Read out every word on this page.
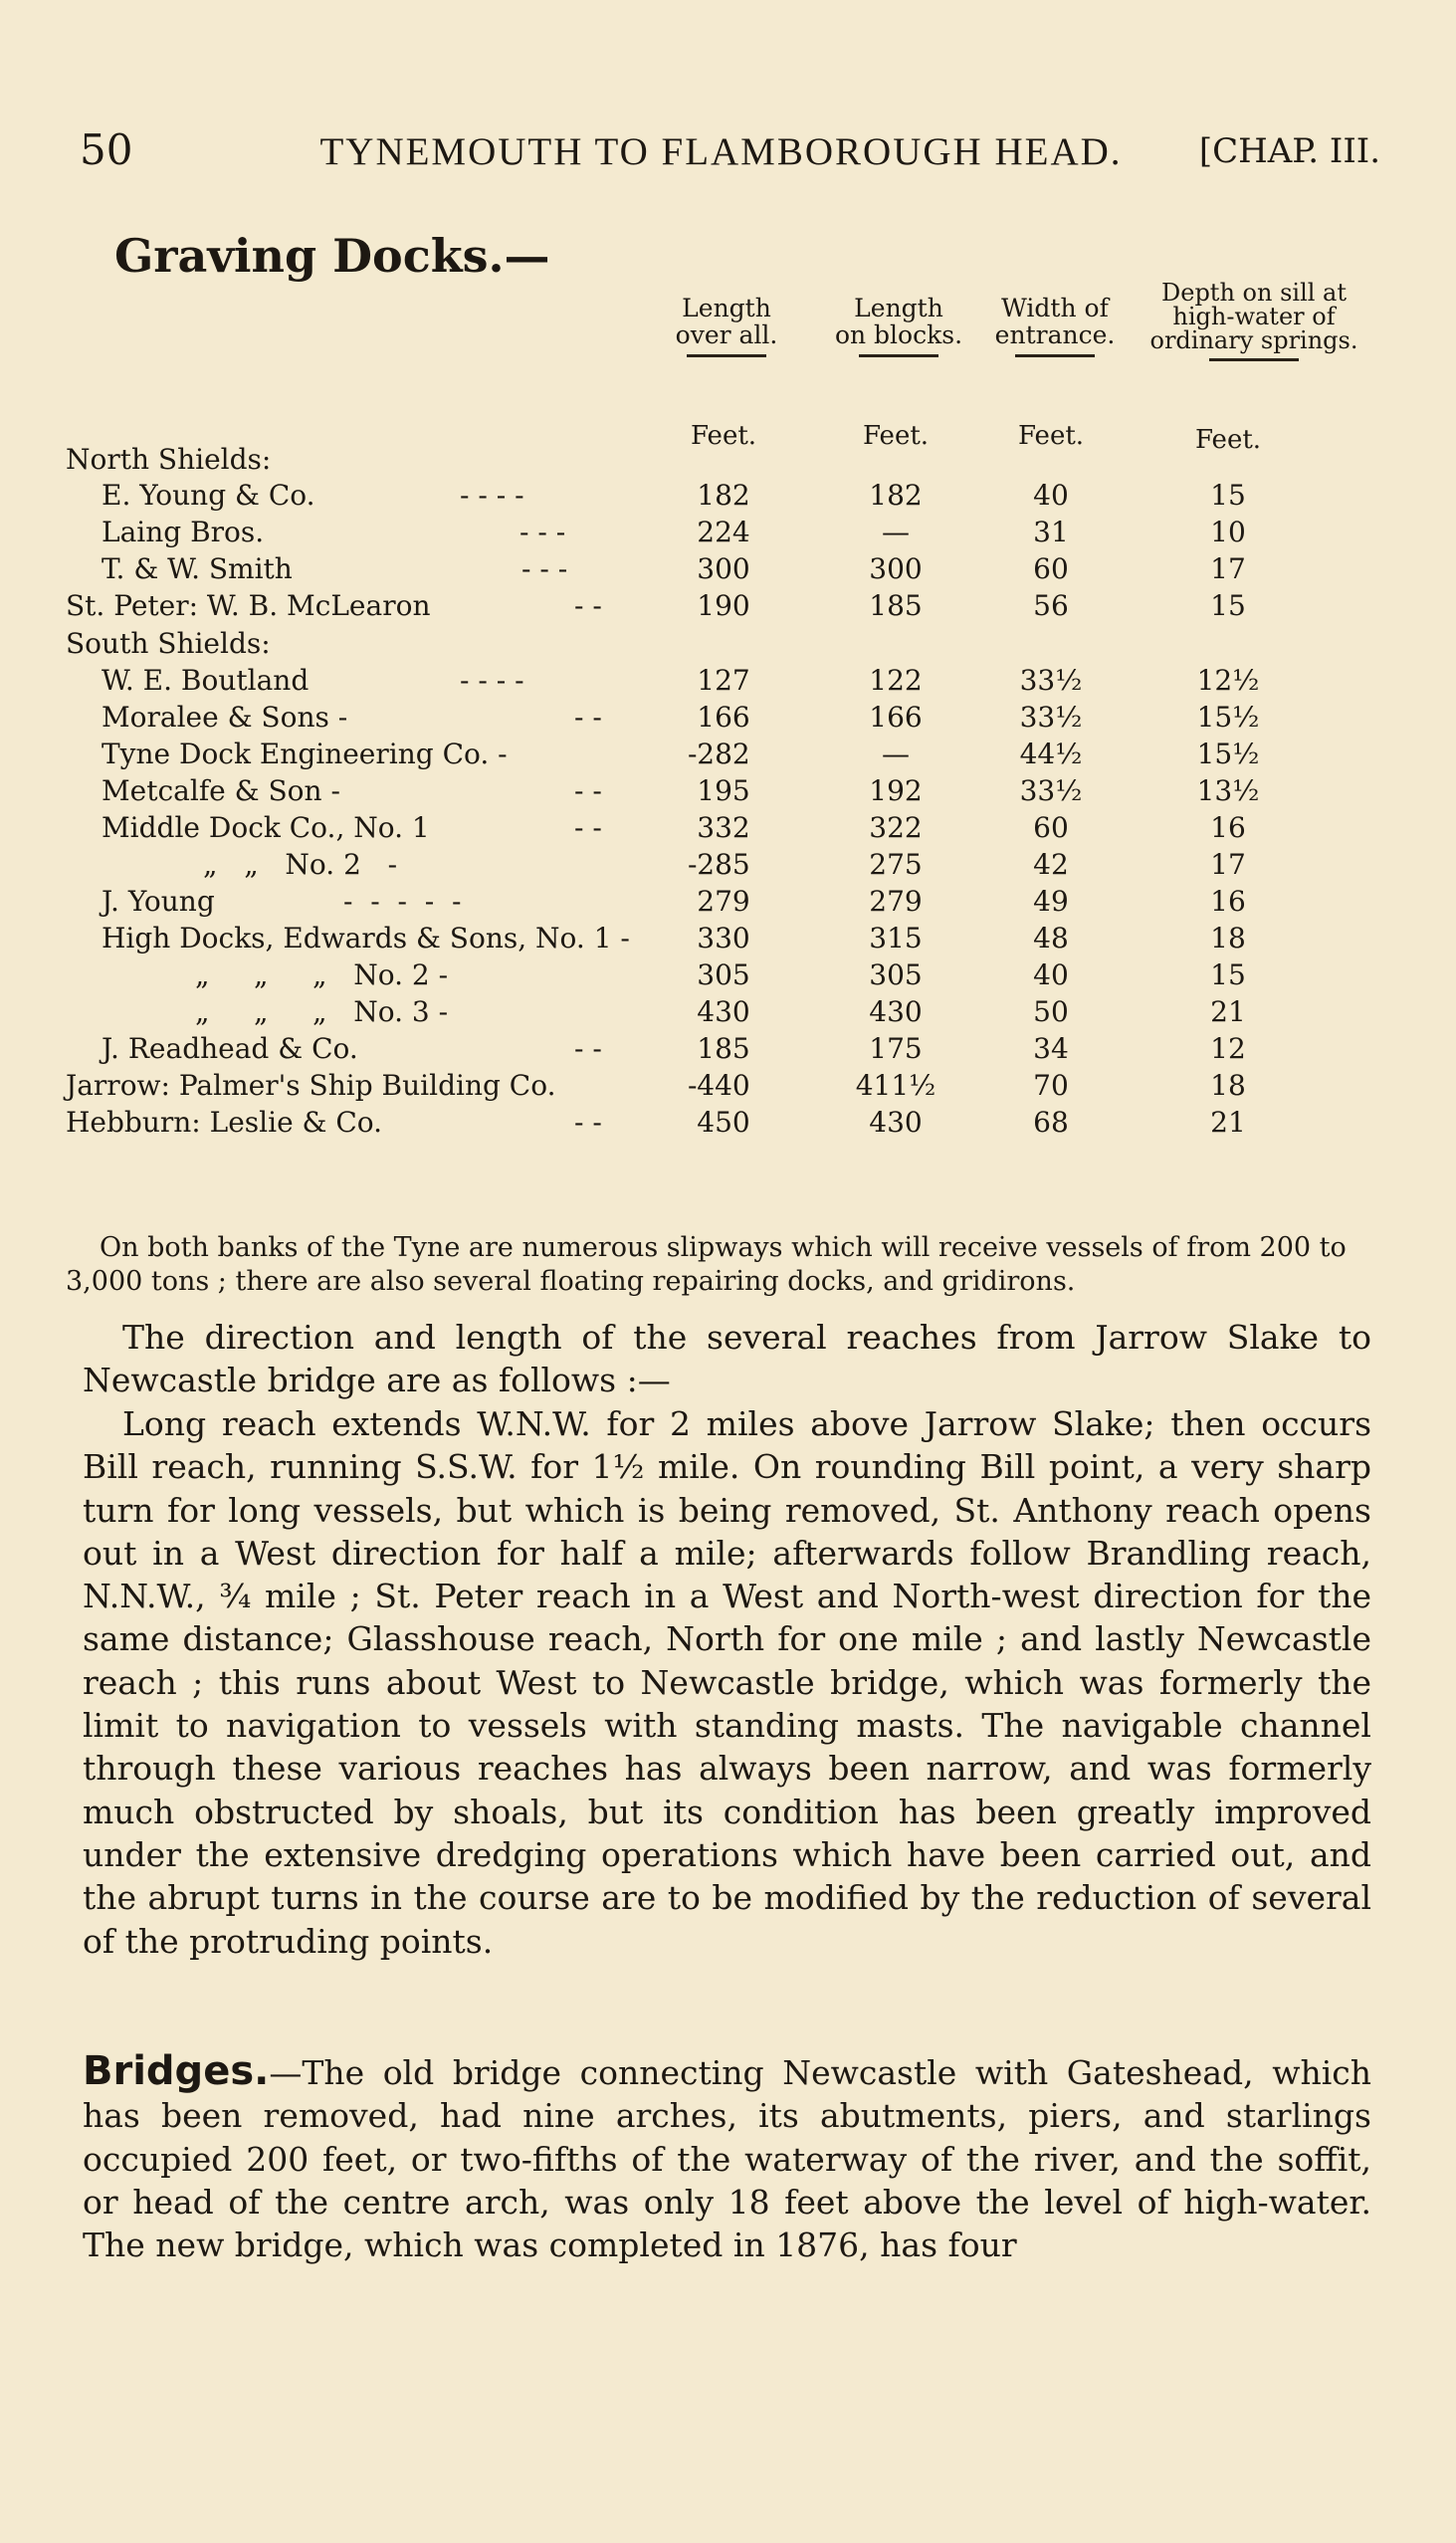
50	TYNEMOUTH TO FLAMBOROUGH HEAD.	[CHAP. III.
Graving Docks.—
Length
over all.
Length
on blocks.
Width of
entrance.
Depth on sill at
high-water of
ordinary springs.
Feet.	Feet.	Feet.	Feet.
North Shields:
E. Young & Co.	- - - -	182	182	40	15
Laing Bros.	- - -	224	—	31	10
T. & W. Smith	- - -	300	300	60	17
St. Peter: W. B. McLearon	- -	190	185	56	15
South Shields:
W. E. Boutland	- - - -	127	122	33½	12½
Moralee & Sons -	- -	166	166	33½	15½
Tyne Dock Engineering Co. -	- 282	—	44½	15½
Metcalfe & Son -	- -	195	192	33½	13½
Middle Dock Co., No. 1	- -	332	322	60	16
„   „   No. 2   -	- 285	275	42	17
J. Young	-  -  -  -  -	279	279	49	16
High Docks, Edwards & Sons, No. 1 -	330	315	48	18
„     „     „   No. 2 -	305	305	40	15
„     „     „   No. 3 -	430	430	50	21
J. Readhead & Co.	- -	185	175	34	12
Jarrow: Palmer's Ship Building Co.	- 440	411½	70	18
Hebburn: Leslie & Co.	- -	450	430	68	21
On both banks of the Tyne are numerous slipways which will receive vessels of from 200 to 3,000 tons ; there are also several floating repairing docks, and gridirons.
The direction and length of the several reaches from Jarrow Slake to Newcastle bridge are as follows :—
Long reach extends W.N.W. for 2 miles above Jarrow Slake; then occurs Bill reach, running S.S.W. for 1½ mile. On rounding Bill point, a very sharp turn for long vessels, but which is being removed, St. Anthony reach opens out in a West direction for half a mile; afterwards follow Brandling reach, N.N.W., ¾ mile ; St. Peter reach in a West and North-west direction for the same distance; Glasshouse reach, North for one mile ; and lastly Newcastle reach ; this runs about West to Newcastle bridge, which was formerly the limit to navigation to vessels with standing masts. The navigable channel through these various reaches has always been narrow, and was formerly much obstructed by shoals, but its condition has been greatly improved under the extensive dredging operations which have been carried out, and the abrupt turns in the course are to be modified by the reduction of several of the protruding points.
Bridges.—The old bridge connecting Newcastle with Gateshead, which has been removed, had nine arches, its abutments, piers, and starlings occupied 200 feet, or two-fifths of the waterway of the river, and the soffit, or head of the centre arch, was only 18 feet above the level of high-water. The new bridge, which was completed in 1876, has four
